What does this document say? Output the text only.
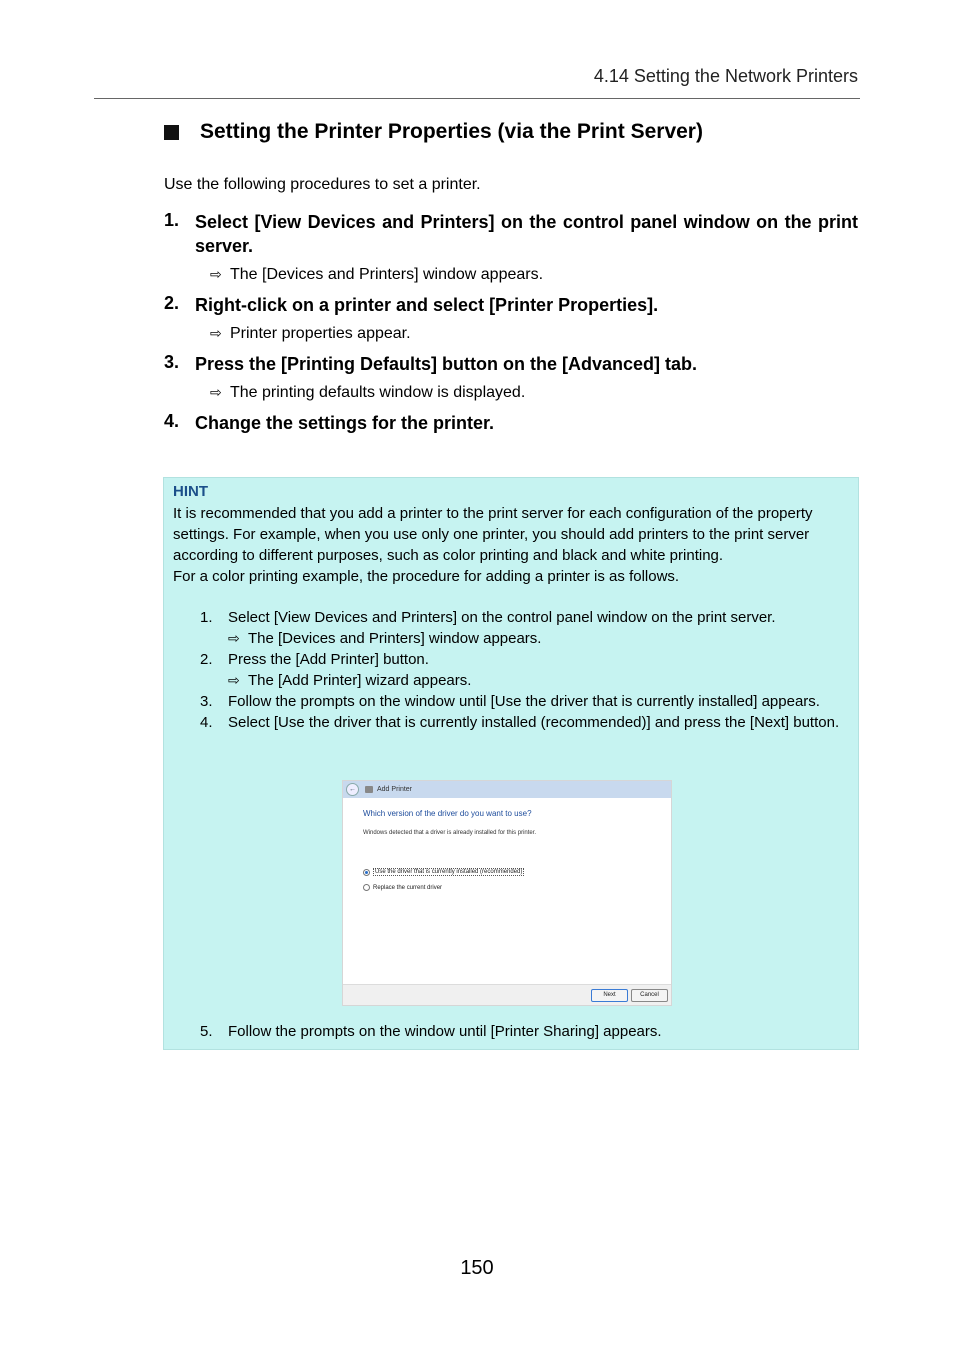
4.14 Setting the Network Printers
Setting the Printer Properties (via the Print Server)
Use the following procedures to set a printer.
1. Select [View Devices and Printers] on the control panel window on the print server.
⇨ The [Devices and Printers] window appears.
2. Right-click on a printer and select [Printer Properties].
⇨ Printer properties appear.
3. Press the [Printing Defaults] button on the [Advanced] tab.
⇨ The printing defaults window is displayed.
4. Change the settings for the printer.
HINT
It is recommended that you add a printer to the print server for each configuration of the property settings. For example, when you use only one printer, you should add printers to the print server according to different purposes, such as color printing and black and white printing.
For a color printing example, the procedure for adding a printer is as follows.
1. Select [View Devices and Printers] on the control panel window on the print server.
⇨ The [Devices and Printers] window appears.
2. Press the [Add Printer] button.
⇨ The [Add Printer] wizard appears.
3. Follow the prompts on the window until [Use the driver that is currently installed] appears.
4. Select [Use the driver that is currently installed (recommended)] and press the [Next] button.
←	Add Printer
Which version of the driver do you want to use?
Windows detected that a driver is already installed for this printer.
Use the driver that is currently installed (recommended)
Replace the current driver
Next	Cancel
5. Follow the prompts on the window until [Printer Sharing] appears.
150
